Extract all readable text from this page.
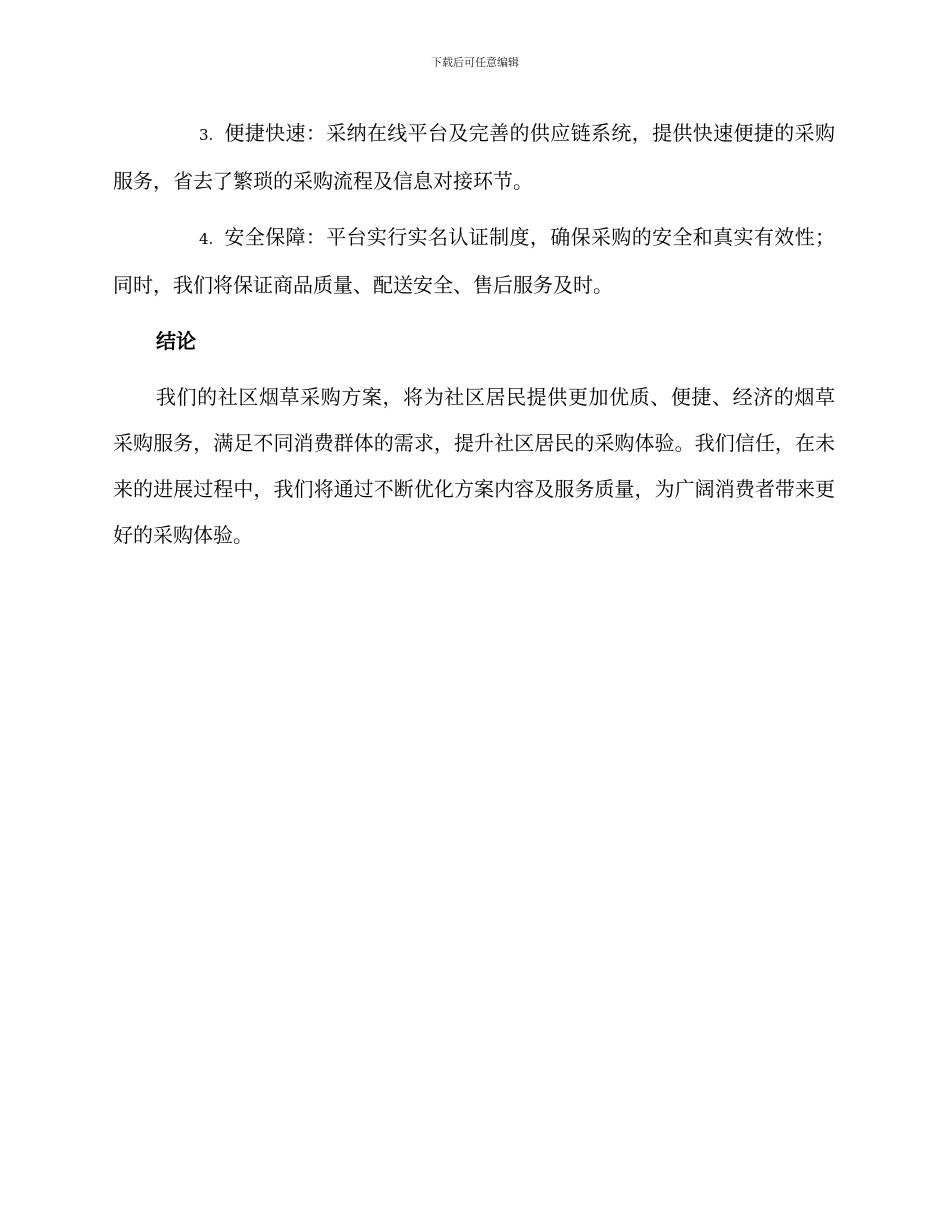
下载后可任意编辑

3. 便捷快速：采纳在线平台及完善的供应链系统，提供快速便捷的采购服务，省去了繁琐的采购流程及信息对接环节。

4. 安全保障：平台实行实名认证制度，确保采购的安全和真实有效性；同时，我们将保证商品质量、配送安全、售后服务及时。

结论

我们的社区烟草采购方案，将为社区居民提供更加优质、便捷、经济的烟草采购服务，满足不同消费群体的需求，提升社区居民的采购体验。我们信任，在未来的进展过程中，我们将通过不断优化方案内容及服务质量，为广阔消费者带来更好的采购体验。
